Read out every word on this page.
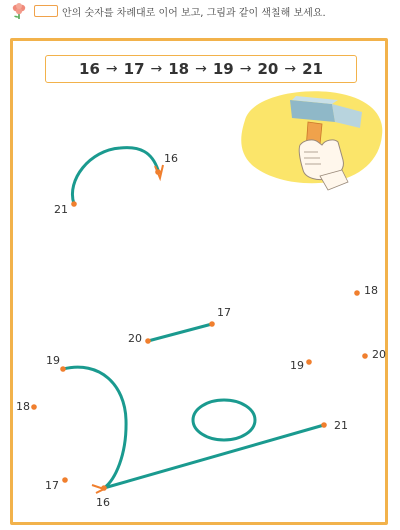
안의 숫자를 차례대로 이어 보고, 그림과 같이 색칠해 보세요.
16 → 17 → 18 → 19 → 20 → 21
16
21
17
20
18
19
20
19
18
17
16
21
